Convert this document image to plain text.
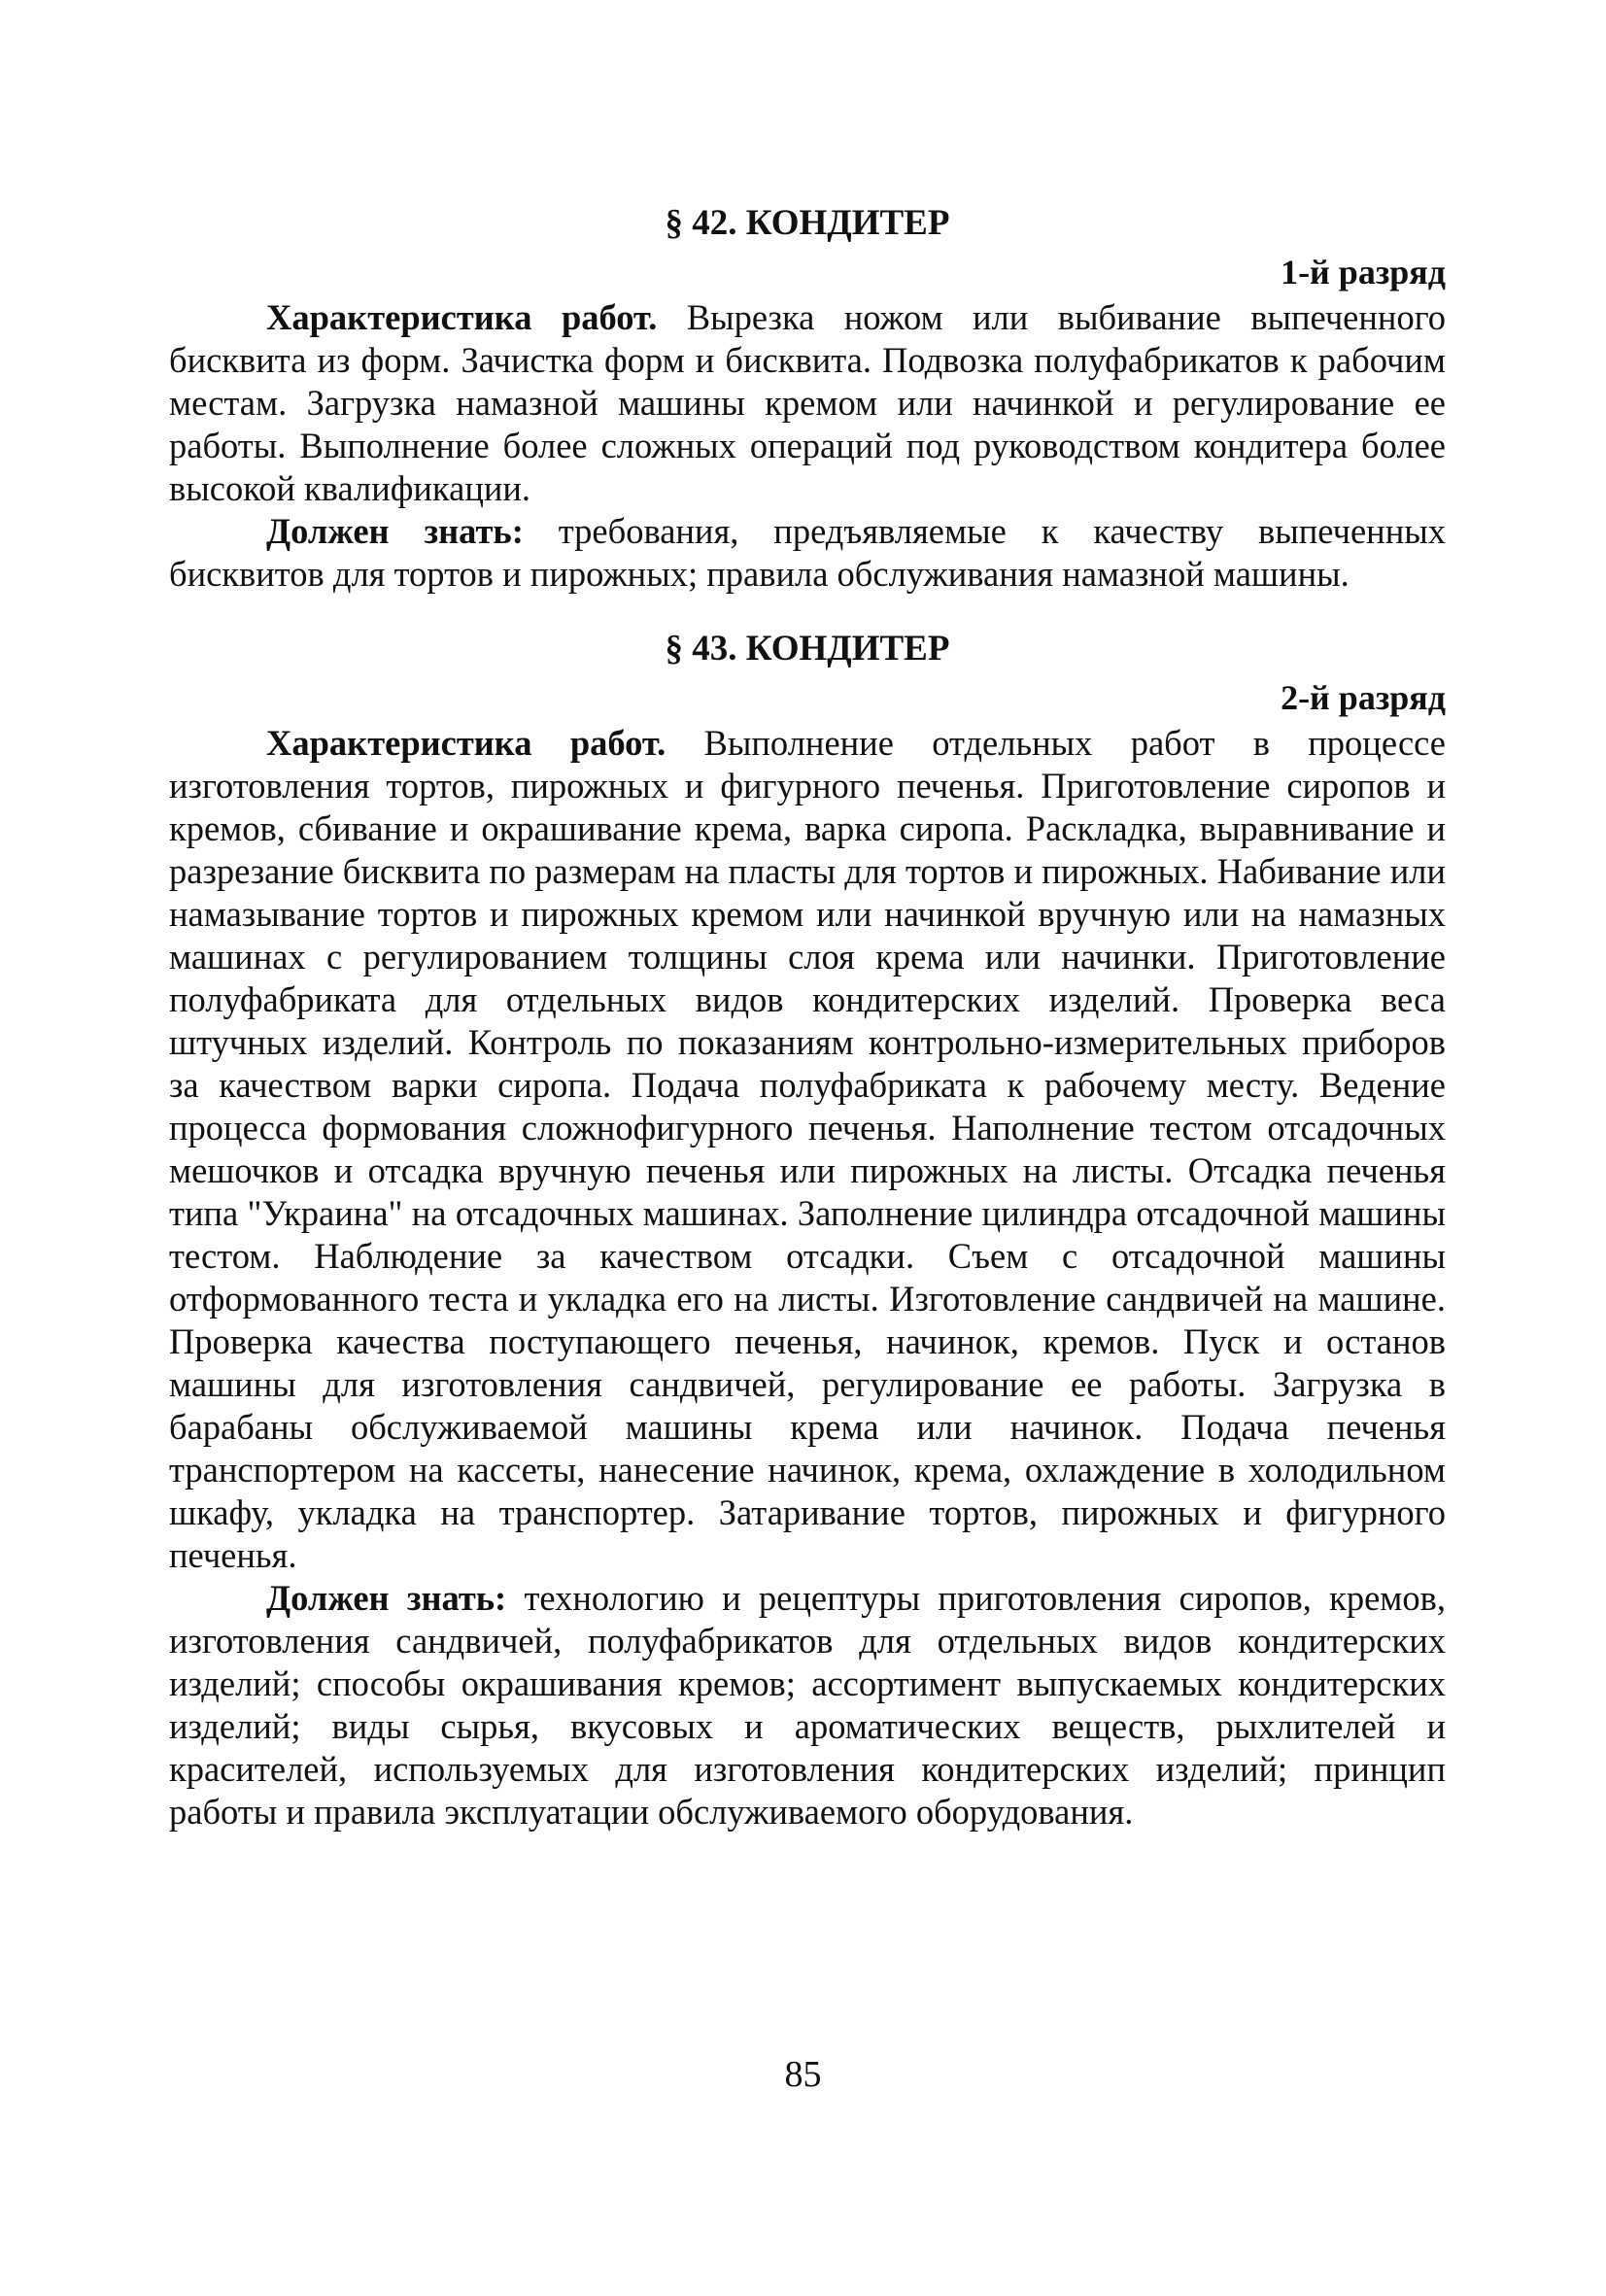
§ 42. КОНДИТЕР

1-й разряд

Характеристика работ. Вырезка ножом или выбивание выпеченного бисквита из форм. Зачистка форм и бисквита. Подвозка полуфабрикатов к рабочим местам. Загрузка намазной машины кремом или начинкой и регулирование ее работы. Выполнение более сложных операций под руководством кондитера более высокой квалификации.

Должен знать: требования, предъявляемые к качеству выпеченных бисквитов для тортов и пирожных; правила обслуживания намазной машины.

§ 43. КОНДИТЕР

2-й разряд

Характеристика работ. Выполнение отдельных работ в процессе изготовления тортов, пирожных и фигурного печенья. Приготовление сиропов и кремов, сбивание и окрашивание крема, варка сиропа. Раскладка, выравнивание и разрезание бисквита по размерам на пласты для тортов и пирожных. Набивание или намазывание тортов и пирожных кремом или начинкой вручную или на намазных машинах с регулированием толщины слоя крема или начинки. Приготовление полуфабриката для отдельных видов кондитерских изделий. Проверка веса штучных изделий. Контроль по показаниям контрольно-измерительных приборов за качеством варки сиропа. Подача полуфабриката к рабочему месту. Ведение процесса формования сложнофигурного печенья. Наполнение тестом отсадочных мешочков и отсадка вручную печенья или пирожных на листы. Отсадка печенья типа "Украина" на отсадочных машинах. Заполнение цилиндра отсадочной машины тестом. Наблюдение за качеством отсадки. Съем с отсадочной машины отформованного теста и укладка его на листы. Изготовление сандвичей на машине. Проверка качества поступающего печенья, начинок, кремов. Пуск и останов машины для изготовления сандвичей, регулирование ее работы. Загрузка в барабаны обслуживаемой машины крема или начинок. Подача печенья транспортером на кассеты, нанесение начинок, крема, охлаждение в холодильном шкафу, укладка на транспортер. Затаривание тортов, пирожных и фигурного печенья.

Должен знать: технологию и рецептуры приготовления сиропов, кремов, изготовления сандвичей, полуфабрикатов для отдельных видов кондитерских изделий; способы окрашивания кремов; ассортимент выпускаемых кондитерских изделий; виды сырья, вкусовых и ароматических веществ, рыхлителей и красителей, используемых для изготовления кондитерских изделий; принцип работы и правила эксплуатации обслуживаемого оборудования.

85
